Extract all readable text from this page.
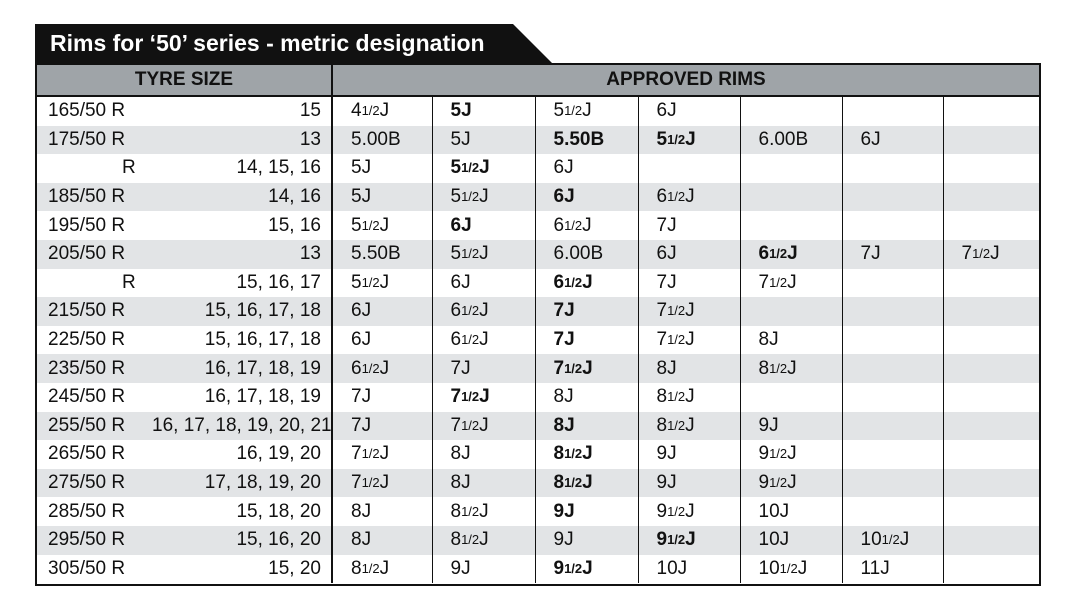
Rims for ‘50’ series - metric designation
TYRE SIZE		APPROVED RIMS						
165/50 R	15	41/2J	5J	51/2J	6J			
175/50 R	13	5.00B	5J	5.50B	51/2J	6.00B	6J	
R	14, 15, 16	5J	51/2J	6J				
185/50 R	14, 16	5J	51/2J	6J	61/2J			
195/50 R	15, 16	51/2J	6J	61/2J	7J			
205/50 R	13	5.50B	51/2J	6.00B	6J	61/2J	7J	71/2J
R	15, 16, 17	51/2J	6J	61/2J	7J	71/2J		
215/50 R	15, 16, 17, 18	6J	61/2J	7J	71/2J			
225/50 R	15, 16, 17, 18	6J	61/2J	7J	71/2J	8J		
235/50 R	16, 17, 18, 19	61/2J	7J	71/2J	8J	81/2J		
245/50 R	16, 17, 18, 19	7J	71/2J	8J	81/2J			
255/50 R	16, 17, 18, 19, 20, 21	7J	71/2J	8J	81/2J	9J		
265/50 R	16, 19, 20	71/2J	8J	81/2J	9J	91/2J		
275/50 R	17, 18, 19, 20	71/2J	8J	81/2J	9J	91/2J		
285/50 R	15, 18, 20	8J	81/2J	9J	91/2J	10J		
295/50 R	15, 16, 20	8J	81/2J	9J	91/2J	10J	101/2J	
305/50 R	15, 20	81/2J	9J	91/2J	10J	101/2J	11J	
